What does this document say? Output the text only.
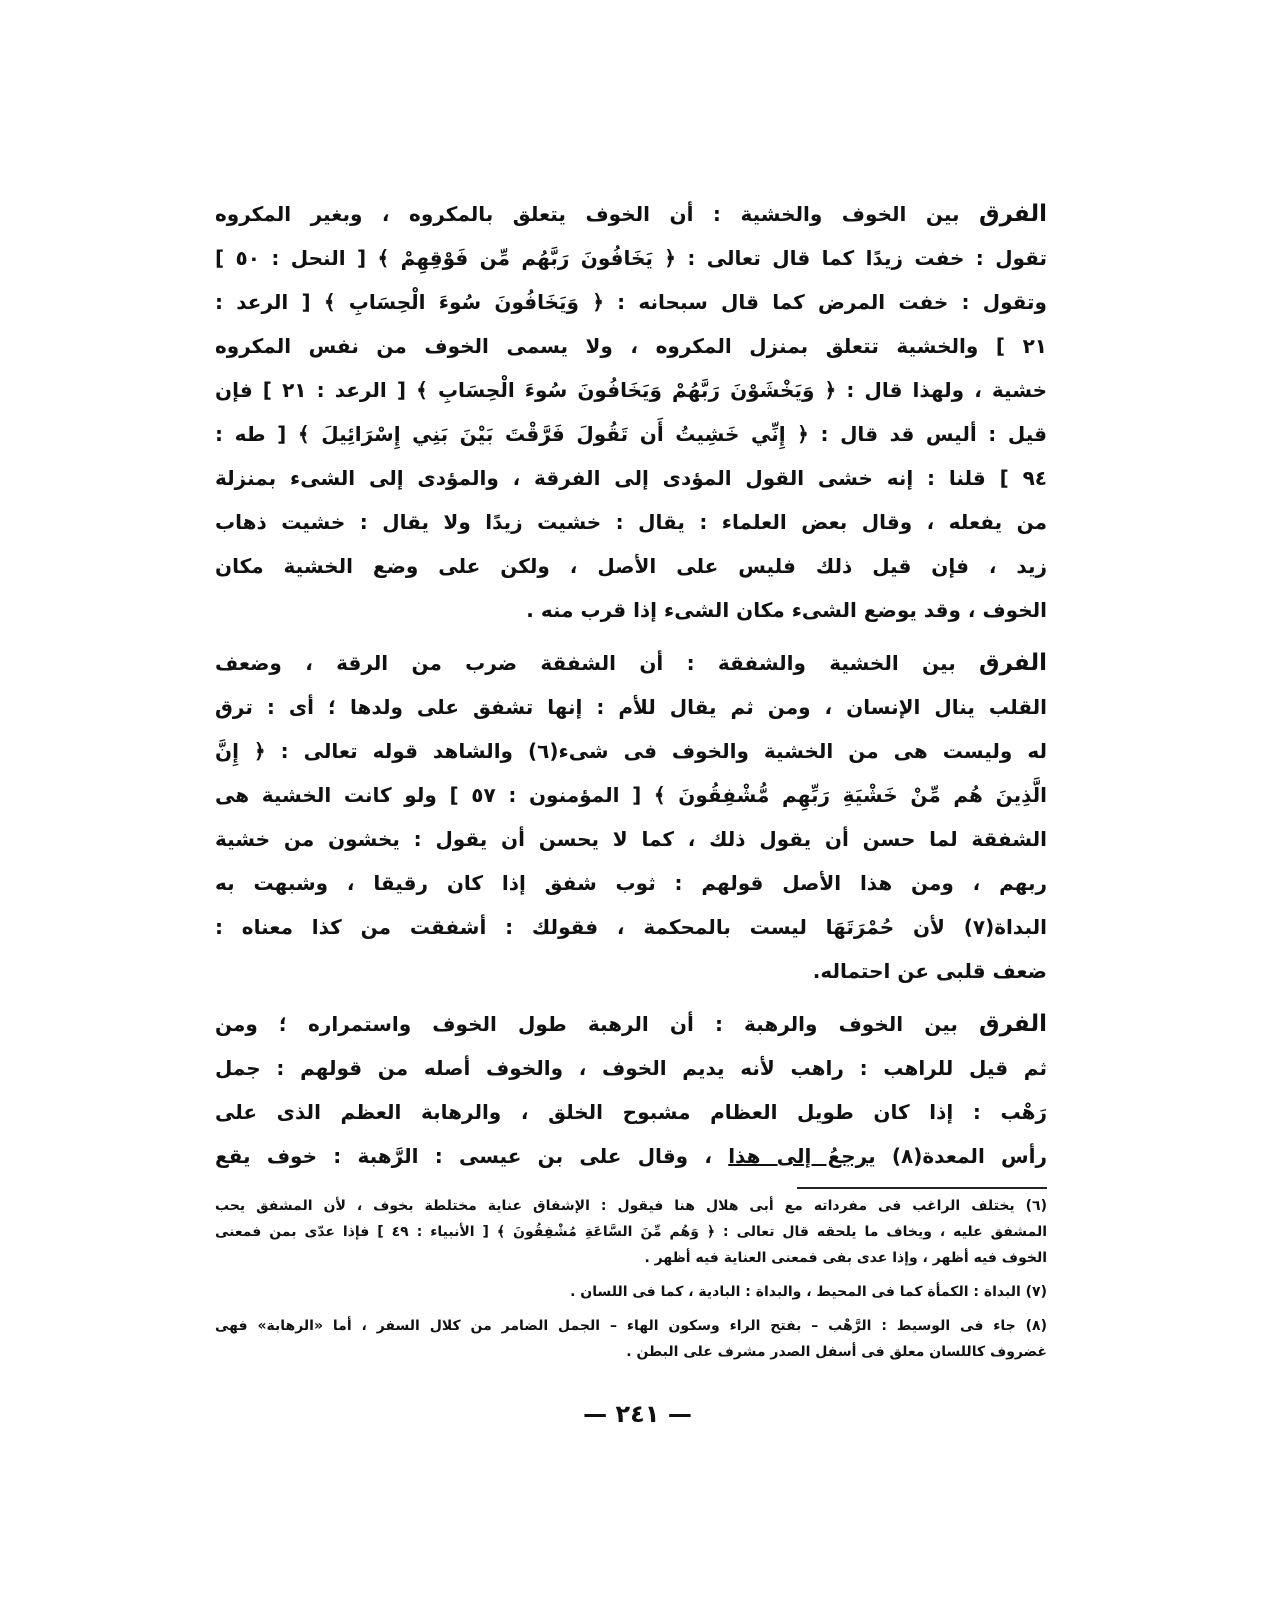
الفرق بين الخوف والخشية : أن الخوف يتعلق بالمكروه ، وبغير المكروه
تقول : خفت زيدًا كما قال تعالى : ﴿ يَخَافُونَ رَبَّهُم مِّن فَوْقِهِمْ ﴾ [ النحل : ٥٠ ]
وتقول : خفت المرض كما قال سبحانه : ﴿ وَيَخَافُونَ سُوءَ الْحِسَابِ ﴾ [ الرعد :
٢١ ] والخشية تتعلق بمنزل المكروه ، ولا يسمى الخوف من نفس المكروه
خشية ، ولهذا قال : ﴿ وَيَخْشَوْنَ رَبَّهُمْ وَيَخَافُونَ سُوءَ الْحِسَابِ ﴾ [ الرعد : ٢١ ] فإن
قيل : أليس قد قال : ﴿ إِنِّي خَشِيتُ أَن تَقُولَ فَرَّقْتَ بَيْنَ بَنِي إِسْرَائِيلَ ﴾ [ طه :
٩٤ ] قلنا : إنه خشى القول المؤدى إلى الفرقة ، والمؤدى إلى الشىء بمنزلة
من يفعله ، وقال بعض العلماء : يقال : خشيت زيدًا ولا يقال : خشيت ذهاب
زيد ، فإن قيل ذلك فليس على الأصل ، ولكن على وضع الخشية مكان
الخوف ، وقد يوضع الشىء مكان الشىء إذا قرب منه .
الفرق بين الخشية والشفقة : أن الشفقة ضرب من الرقة ، وضعف
القلب ينال الإنسان ، ومن ثم يقال للأم : إنها تشفق على ولدها ؛ أى : ترق
له وليست هى من الخشية والخوف فى شىء(٦) والشاهد قوله تعالى : ﴿ إِنَّ
الَّذِينَ هُم مِّنْ خَشْيَةِ رَبِّهِم مُّشْفِقُونَ ﴾ [ المؤمنون : ٥٧ ] ولو كانت الخشية هى
الشفقة لما حسن أن يقول ذلك ، كما لا يحسن أن يقول : يخشون من خشية
ربهم ، ومن هذا الأصل قولهم : ثوب شفق إذا كان رقيقا ، وشبهت به
البداة(٧) لأن حُمْرَتَهَا ليست بالمحكمة ، فقولك : أشفقت من كذا معناه :
ضعف قلبى عن احتماله.
الفرق بين الخوف والرهبة : أن الرهبة طول الخوف واستمراره ؛ ومن
ثم قيل للراهب : راهب لأنه يديم الخوف ، والخوف أصله من قولهم : جمل
رَهْب : إذا كان طويل العظام مشبوح الخلق ، والرهابة العظم الذى على
رأس المعدة(٨) يرجعُ إلى هذا ، وقال على بن عيسى : الرَّهبة : خوف يقع
(٦) يختلف الراغب فى مفرداته مع أبى هلال هنا فيقول : الإشفاق عناية مختلطة بخوف ، لأن المشفق يحب
المشفق عليه ، ويخاف ما يلحقه قال تعالى : ﴿ وَهُم مِّنَ السَّاعَةِ مُشْفِقُونَ ﴾ [ الأنبياء : ٤٩ ] فإذا عدّى بمن فمعنى
الخوف فيه أظهر ، وإذا عدى بفى فمعنى العناية فيه أظهر .
(٧) البداة : الكمأة كما فى المحيط ، والبداة : البادية ، كما فى اللسان .
(٨) جاء فى الوسيط : الرَّهْب – بفتح الراء وسكون الهاء – الجمل الضامر من كلال السفر ، أما «الرهابة» فهى
غضروف كاللسان معلق فى أسفل الصدر مشرف على البطن .
— ٢٤١ —
